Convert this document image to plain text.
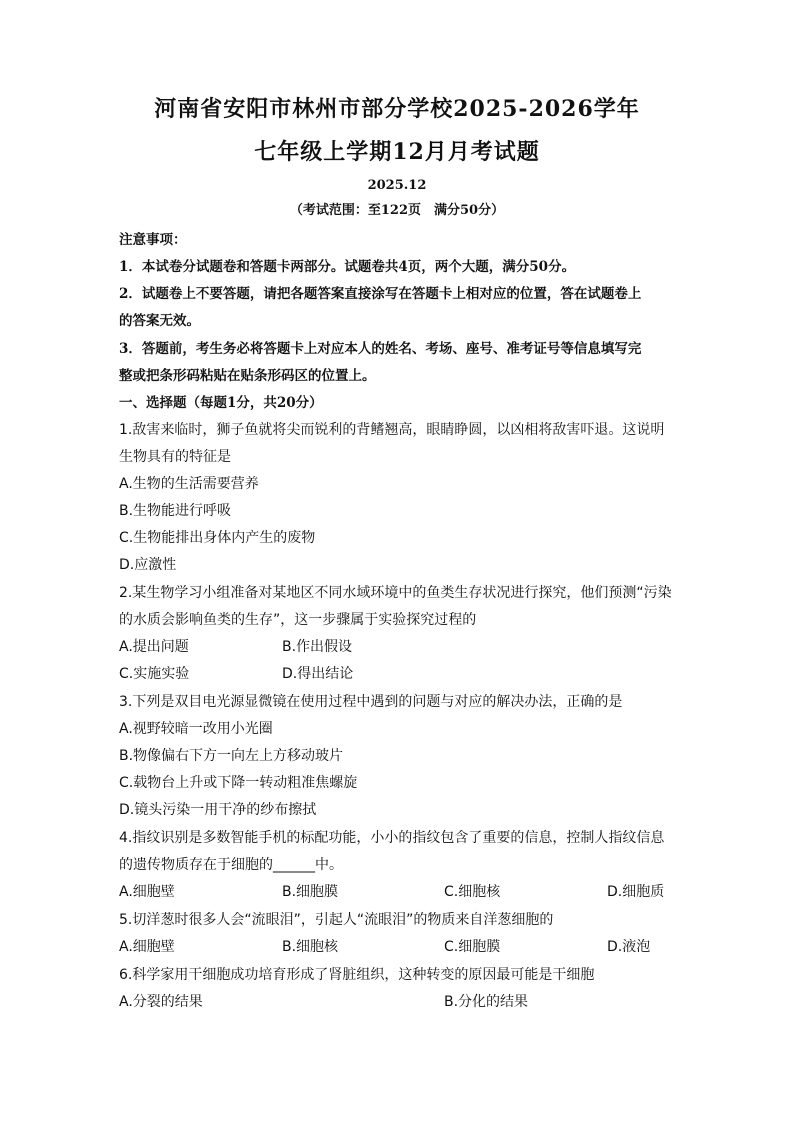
河南省安阳市林州市部分学校2025-2026学年
七年级上学期12月月考试题
2025.12
（考试范围：至122页　满分50分）
注意事项：
1．本试卷分试题卷和答题卡两部分。试题卷共4页，两个大题，满分50分。
2．试题卷上不要答题，请把各题答案直接涂写在答题卡上相对应的位置，答在试题卷上
的答案无效。
3．答题前，考生务必将答题卡上对应本人的姓名、考场、座号、准考证号等信息填写完
整或把条形码粘贴在贴条形码区的位置上。
一、选择题（每题1分，共20分）
1.敌害来临时，狮子鱼就将尖而锐利的背鳍翘高，眼睛睁圆，以凶相将敌害吓退。这说明
生物具有的特征是
A.生物的生活需要营养
B.生物能进行呼吸
C.生物能排出身体内产生的废物
D.应激性
2.某生物学习小组准备对某地区不同水域环境中的鱼类生存状况进行探究，他们预测“污染
的水质会影响鱼类的生存”，这一步骤属于实验探究过程的
A.提出问题	B.作出假设
C.实施实验	D.得出结论
3.下列是双目电光源显微镜在使用过程中遇到的问题与对应的解决办法，正确的是
A.视野较暗一改用小光圈
B.物像偏右下方一向左上方移动玻片
C.载物台上升或下降一转动粗准焦螺旋
D.镜头污染一用干净的纱布擦拭
4.指纹识别是多数智能手机的标配功能，小小的指纹包含了重要的信息，控制人指纹信息
的遗传物质存在于细胞的______中。
A.细胞壁	B.细胞膜	C.细胞核	D.细胞质
5.切洋葱时很多人会“流眼泪”，引起人“流眼泪”的物质来自洋葱细胞的
A.细胞壁	B.细胞核	C.细胞膜	D.液泡
6.科学家用干细胞成功培育形成了肾脏组织，这种转变的原因最可能是干细胞
A.分裂的结果	B.分化的结果
